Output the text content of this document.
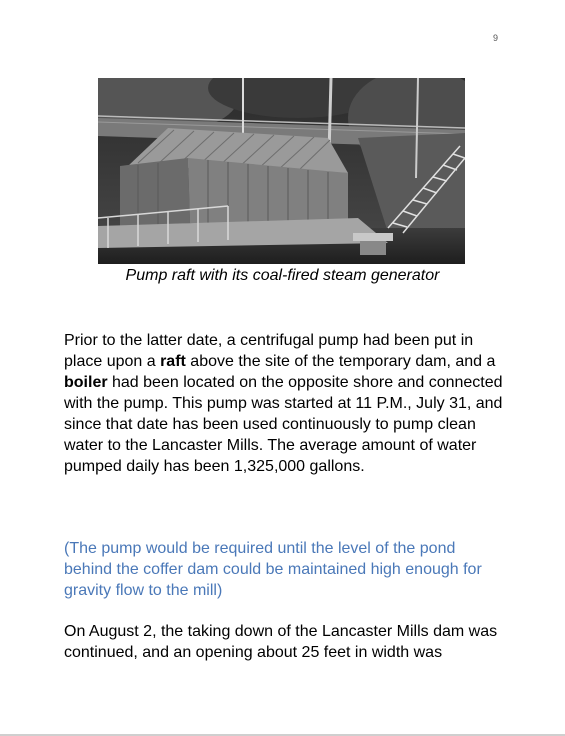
9
Pump raft with its coal-fired steam generator

Prior to the latter date, a centrifugal pump had been put in place upon a raft above the site of the temporary dam, and a boiler had been located on the opposite shore and connected with the pump. This pump was started at 11 P.M., July 31, and since that date has been used continuously to pump clean water to the Lancaster Mills. The average amount of water pumped daily has been 1,325,000 gallons.

(The pump would be required until the level of the pond behind the coffer dam could be maintained high enough for gravity flow to the mill)

On August 2, the taking down of the Lancaster Mills dam was continued, and an opening about 25 feet in width was
